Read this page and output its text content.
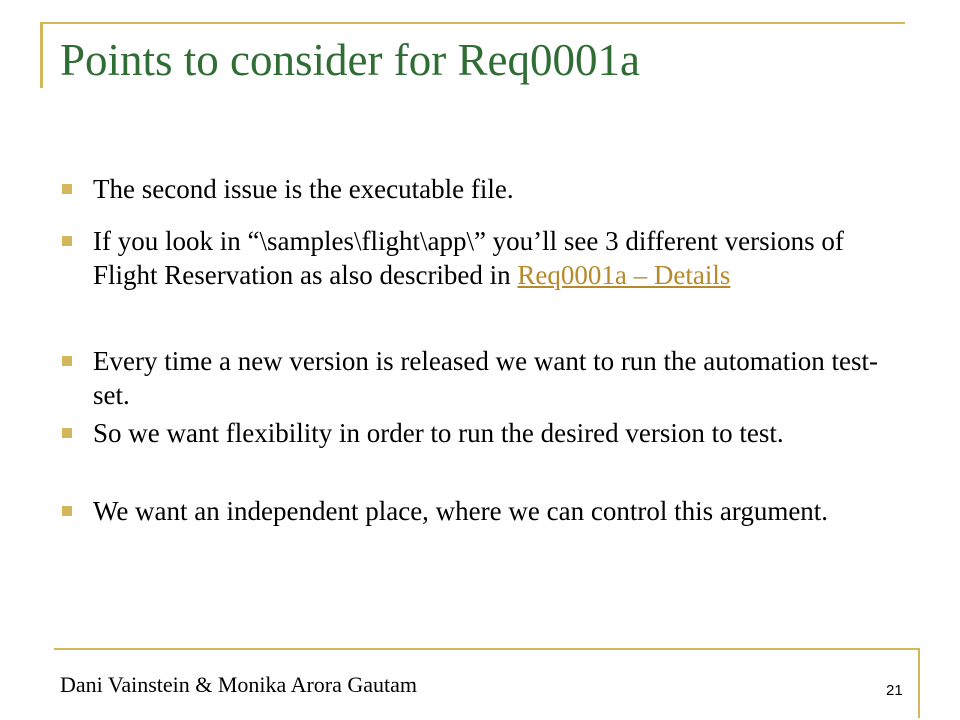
Points to consider for Req0001a
The second issue is the executable file.
If you look in “\samples\flight\app\” you’ll see 3 different versions of Flight Reservation as also described in Req0001a – Details
Every time a new version is released we want to run the automation test-set.
So we want flexibility in order to run the desired version to test.
We want an independent place, where we can control this argument.
Dani Vainstein & Monika Arora Gautam	21
